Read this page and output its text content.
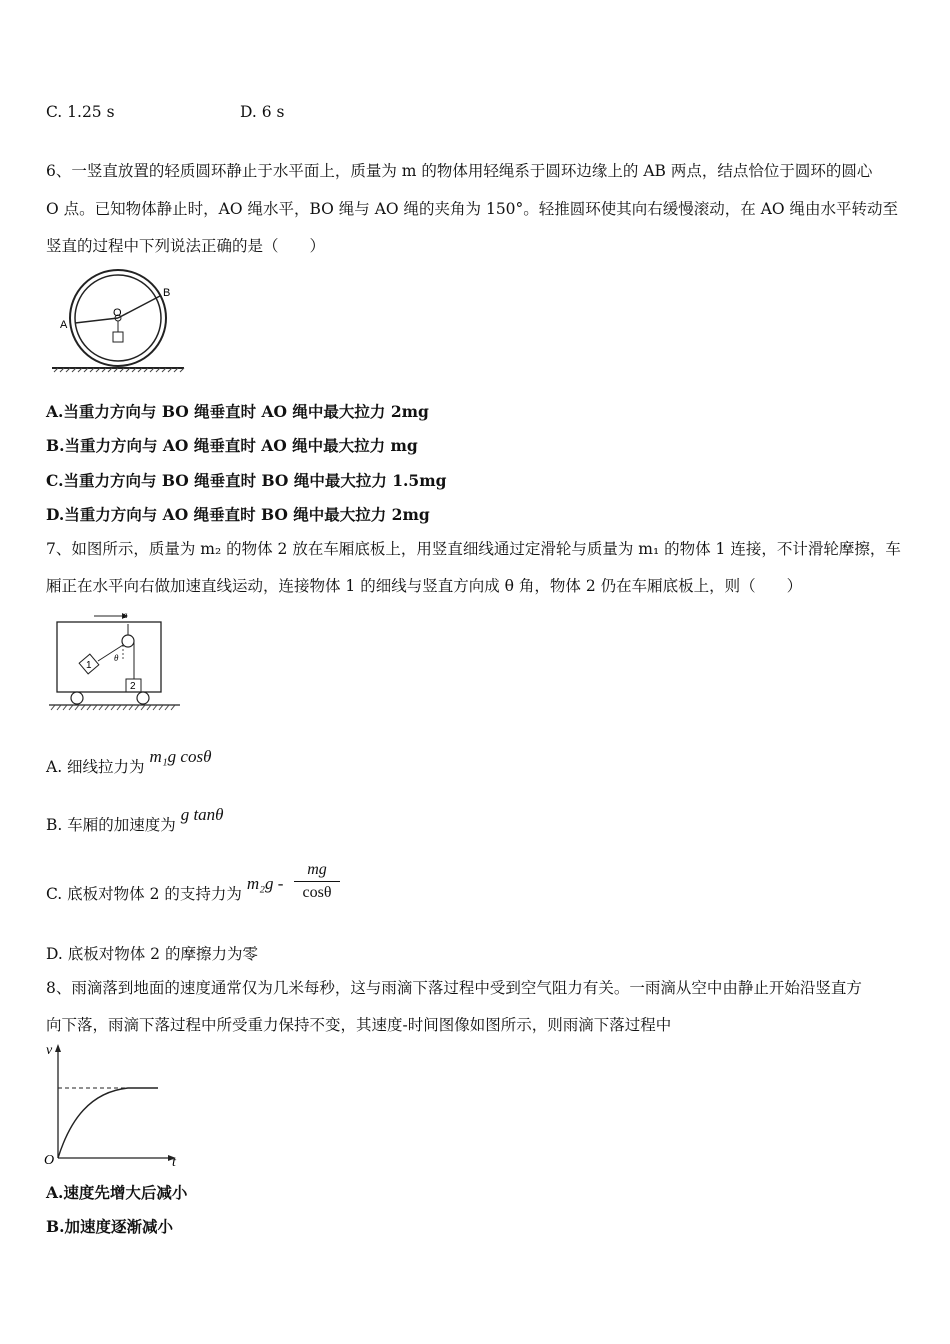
C. 1.25 s	D. 6 s
6、一竖直放置的轻质圆环静止于水平面上，质量为 m 的物体用轻绳系于圆环边缘上的 AB 两点，结点恰位于圆环的圆心
O 点。已知物体静止时，AO 绳水平，BO 绳与 AO 绳的夹角为 150°。轻推圆环使其向右缓慢滚动，在 AO 绳由水平转动至
竖直的过程中下列说法正确的是（　　）
A
B
O
A.当重力方向与 BO 绳垂直时 AO 绳中最大拉力 2mg
B.当重力方向与 AO 绳垂直时 AO 绳中最大拉力 mg
C.当重力方向与 BO 绳垂直时 BO 绳中最大拉力 1.5mg
D.当重力方向与 AO 绳垂直时 BO 绳中最大拉力 2mg
7、如图所示，质量为 m₂ 的物体 2 放在车厢底板上，用竖直细线通过定滑轮与质量为 m₁ 的物体 1 连接，不计滑轮摩擦，车
厢正在水平向右做加速直线运动，连接物体 1 的细线与竖直方向成 θ 角，物体 2 仍在车厢底板上，则（　　）
a
1
θ
2
A. 细线拉力为 m₁g cosθ
B. 车厢的加速度为 g tanθ
C. 底板对物体 2 的支持力为 $m_2g - \frac{mg}{\cos\theta}$
D. 底板对物体 2 的摩擦力为零
8、雨滴落到地面的速度通常仅为几米每秒，这与雨滴下落过程中受到空气阻力有关。一雨滴从空中由静止开始沿竖直方
向下落，雨滴下落过程中所受重力保持不变，其速度-时间图像如图所示，则雨滴下落过程中
v
t
O
A.速度先增大后减小
B.加速度逐渐减小
